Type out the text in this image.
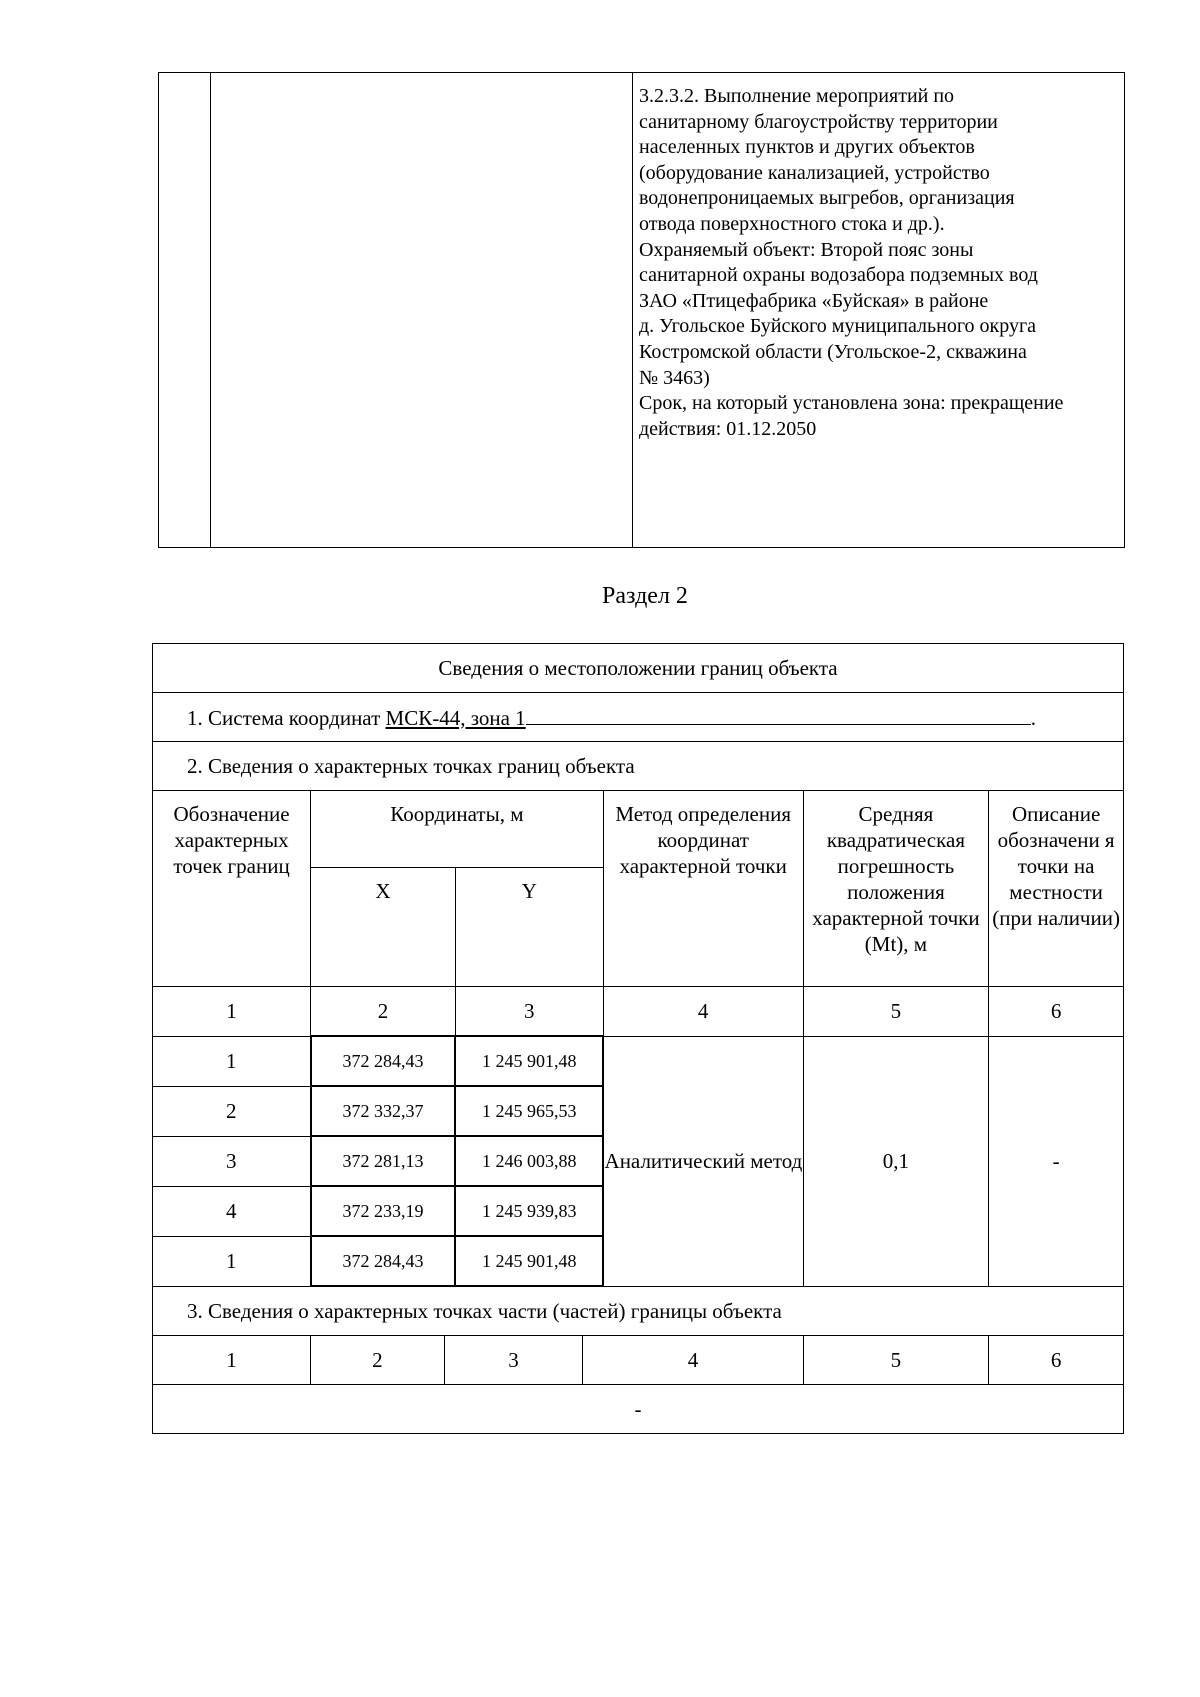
3.2.3.2. Выполнение мероприятий по

санитарному благоустройству территории

населенных пунктов и других объектов

(оборудование канализацией, устройство

водонепроницаемых выгребов, организация

отвода поверхностного стока и др.).

Охраняемый объект: Второй пояс зоны

санитарной охраны водозабора подземных вод

ЗАО «Птицефабрика «Буйская» в районе

д. Угольское Буйского муниципального округа

Костромской области (Угольское-2, скважина

№ 3463)

Срок, на который установлена зона: прекращение

действия: 01.12.2050

Раздел 2
Сведения о местоположении границ объекта							
1. Система координат МСК-44, зона 1 .							
2. Сведения о характерных точках границ объекта							
Обозначение характерных точек границ	Координаты, м				Метод определения координат характерной точки	Средняя квадратическая погрешность положения характерной точки (Mt), м	Описание обозначени я точки на местности (при наличии)
	X		Y				
1	2		3		4	5	6
1	372 284,43		1 245 901,48		Аналитический метод	0,1	-
2	372 332,37		1 245 965,53				
3	372 281,13		1 246 003,88				
4	372 233,19		1 245 939,83				
1	372 284,43		1 245 901,48				
3. Сведения о характерных точках части (частей) границы объекта							
1	2	3		4		5	6
-							
